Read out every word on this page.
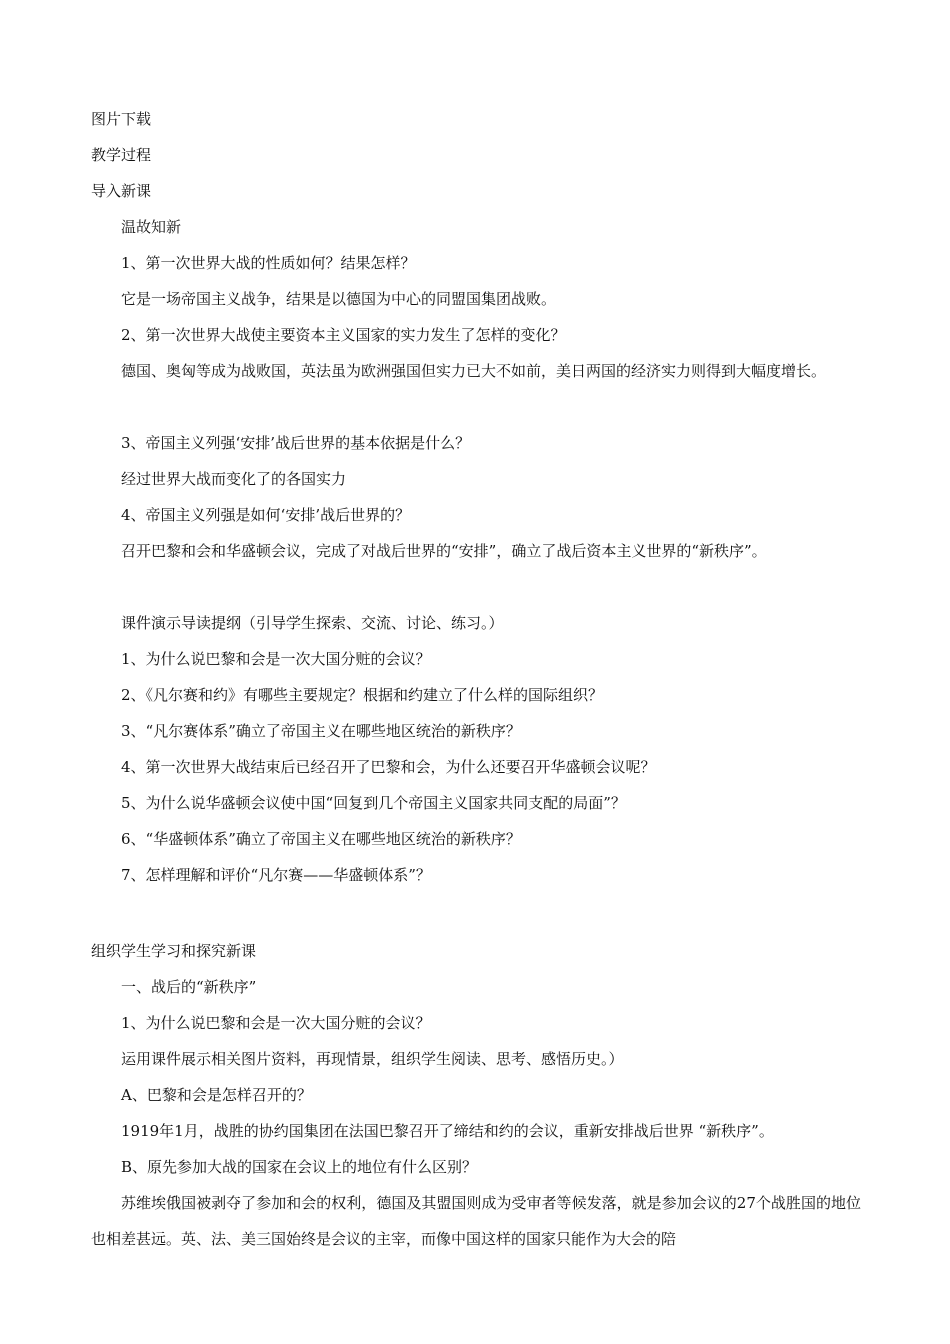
图片下载
教学过程
导入新课
温故知新
1、第一次世界大战的性质如何？结果怎样？
它是一场帝国主义战争，结果是以德国为中心的同盟国集团战败。
2、第一次世界大战使主要资本主义国家的实力发生了怎样的变化？
德国、奥匈等成为战败国，英法虽为欧洲强国但实力已大不如前，美日两国的经济实力则得到大幅度增长。
3、帝国主义列强‘安排’战后世界的基本依据是什么？
经过世界大战而变化了的各国实力
4、帝国主义列强是如何‘安排’战后世界的？
召开巴黎和会和华盛顿会议，完成了对战后世界的“安排”，确立了战后资本主义世界的“新秩序”。
课件演示导读提纲（引导学生探索、交流、讨论、练习。）
1、为什么说巴黎和会是一次大国分赃的会议？
2、《凡尔赛和约》有哪些主要规定？根据和约建立了什么样的国际组织？
3、“凡尔赛体系”确立了帝国主义在哪些地区统治的新秩序？
4、第一次世界大战结束后已经召开了巴黎和会，为什么还要召开华盛顿会议呢？
5、为什么说华盛顿会议使中国“回复到几个帝国主义国家共同支配的局面”？
6、“华盛顿体系”确立了帝国主义在哪些地区统治的新秩序？
7、怎样理解和评价“凡尔赛——华盛顿体系”？
组织学生学习和探究新课
一、战后的“新秩序”
1、为什么说巴黎和会是一次大国分赃的会议？
运用课件展示相关图片资料，再现情景，组织学生阅读、思考、感悟历史。）
A、巴黎和会是怎样召开的？
1919年1月，战胜的协约国集团在法国巴黎召开了缔结和约的会议，重新安排战后世界 “新秩序”。
B、原先参加大战的国家在会议上的地位有什么区别？
苏维埃俄国被剥夺了参加和会的权利，德国及其盟国则成为受审者等候发落，就是参加会议的27个战胜国的地位也相差甚远。英、法、美三国始终是会议的主宰，而像中国这样的国家只能作为大会的陪
